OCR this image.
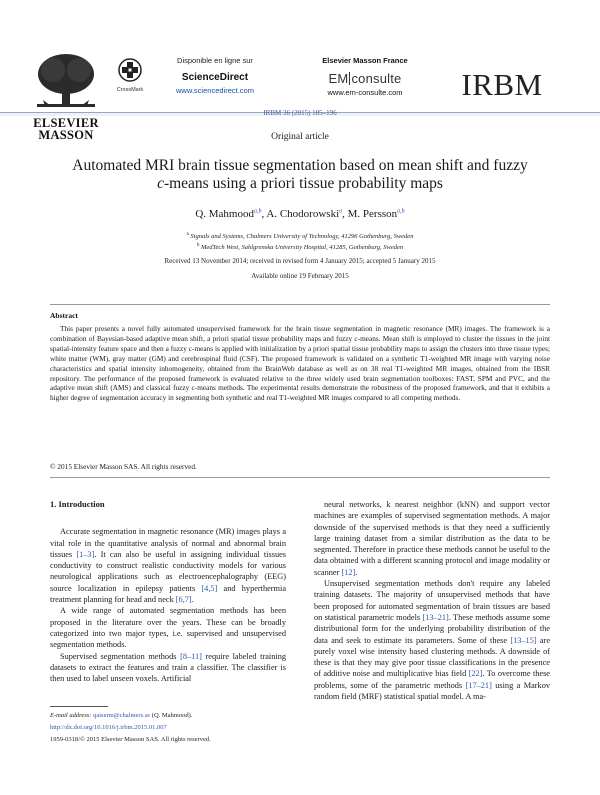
ELSEVIER
MASSON
CrossMark
Disponible en ligne sur
ScienceDirect
www.sciencedirect.com
Elsevier Masson France
EM consulte
www.em-consulte.com	IRBM
IRBM 36 (2015) 185–196
Original article
Automated MRI brain tissue segmentation based on mean shift and fuzzy
c-means using a priori tissue probability maps
Q. Mahmood$^{a,b}$, A. Chodorowski$^a$, M. Persson$^{a,b}$
$^a$ Signals and Systems, Chalmers University of Technology, 41296 Gothenburg, Sweden
$^b$ MedTech West, Sahlgrenska University Hospital, 41285, Gothenburg, Sweden
Received 13 November 2014; received in revised form 4 January 2015; accepted 5 January 2015
Available online 19 February 2015
Abstract
This paper presents a novel fully automated unsupervised framework for the brain tissue segmentation in magnetic resonance (MR) images. The framework is a combination of Bayesian-based adaptive mean shift, a priori spatial tissue probability maps and fuzzy c-means. Mean shift is employed to cluster the tissues in the joint spatial-intensity feature space and then a fuzzy c-means is applied with initialization by a priori spatial tissue probability maps to assign the clusters into three tissue types; white matter (WM), gray matter (GM) and cerebrospinal fluid (CSF). The proposed framework is validated on a synthetic T1-weighted MR image with varying noise characteristics and spatial intensity inhomogeneity, obtained from the BrainWeb database as well as on 38 real T1-weighted MR images, obtained from the IBSR repository. The performance of the proposed framework is evaluated relative to the three widely used brain segmentation toolboxes: FAST, SPM and PVC, and the adaptive mean shift (AMS) and classical fuzzy c-means methods. The experimental results demonstrate the robustness of the proposed framework, and that it exhibits a higher degree of segmentation accuracy in segmenting both synthetic and real T1-weighted MR images compared to all competing methods.
© 2015 Elsevier Masson SAS. All rights reserved.
1. Introduction

Accurate segmentation in magnetic resonance (MR) images plays a vital role in the quantitative analysis of normal and abnormal brain tissues [1–3]. It can also be useful in assigning individual tissues conductivity to construct realistic conductivity models for various neurological applications such as electroencephalography (EEG) source localization in epilepsy patients [4,5] and hyperthermia treatment planning for head and neck [6,7].

A wide range of automated segmentation methods has been proposed in the literature over the years. These can be broadly categorized into two major types, i.e. supervised and unsupervised segmentation methods.

Supervised segmentation methods [8–11] require labeled training datasets to extract the features and train a classifier. The classifier is then used to label unseen voxels. Artificial

neural networks, k nearest neighbor (kNN) and support vector machines are examples of supervised segmentation methods. A major downside of the supervised methods is that they need a sufficiently large training dataset from a similar distribution as the data to be segmented. Therefore in practice these methods cannot be useful to the data obtained with a different scanning protocol and image modality or scanner [12].

Unsupervised segmentation methods don't require any labeled training datasets. The majority of unsupervised methods that have been proposed for automated segmentation of brain tissues are based on statistical parametric models [13–21]. These methods assume some distributional form for the underlying probability distribution of the data and seek to estimate its parameters. Some of these [13–15] are purely voxel wise intensity based clustering methods. A downside of these is that they may give poor tissue classifications in the presence of additive noise and multiplicative bias field [22]. To overcome these problems, some of the parametric methods [17–21] using a Markov random field (MRF) statistical spatial model. A ma-

E-mail address: qaiserm@chalmers.se (Q. Mahmood).
http://dx.doi.org/10.1016/j.irbm.2015.01.007
1959-0318/© 2015 Elsevier Masson SAS. All rights reserved.
